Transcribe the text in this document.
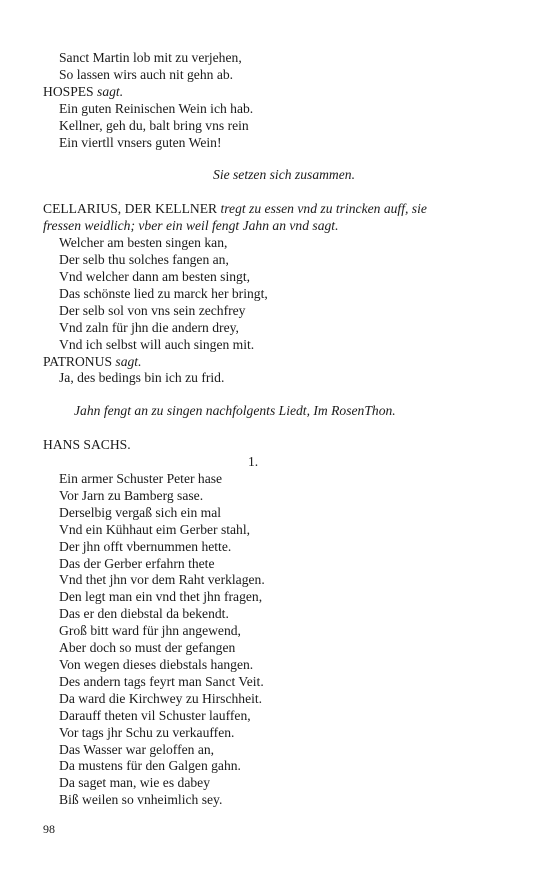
Sanct Martin lob mit zu verjehen,
So lassen wirs auch nit gehn ab.
HOSPES sagt.
Ein guten Reinischen Wein ich hab.
Kellner, geh du, balt bring vns rein
Ein viertll vnsers guten Wein!
Sie setzen sich zusammen.
CELLARIUS, DER KELLNER tregt zu essen vnd zu trincken auff, sie
fressen weidlich; vber ein weil fengt Jahn an vnd sagt.
Welcher am besten singen kan,
Der selb thu solches fangen an,
Vnd welcher dann am besten singt,
Das schönste lied zu marck her bringt,
Der selb sol von vns sein zechfrey
Vnd zaln für jhn die andern drey,
Vnd ich selbst will auch singen mit.
PATRONUS sagt.
Ja, des bedings bin ich zu frid.
Jahn fengt an zu singen nachfolgents Liedt, Im RosenThon.
HANS SACHS.
1.
Ein armer Schuster Peter hase
Vor Jarn zu Bamberg sase.
Derselbig vergaß sich ein mal
Vnd ein Kühhaut eim Gerber stahl,
Der jhn offt vbernummen hette.
Das der Gerber erfahrn thete
Vnd thet jhn vor dem Raht verklagen.
Den legt man ein vnd thet jhn fragen,
Das er den diebstal da bekendt.
Groß bitt ward für jhn angewend,
Aber doch so must der gefangen
Von wegen dieses diebstals hangen.
Des andern tags feyrt man Sanct Veit.
Da ward die Kirchwey zu Hirschheit.
Darauff theten vil Schuster lauffen,
Vor tags jhr Schu zu verkauffen.
Das Wasser war geloffen an,
Da mustens für den Galgen gahn.
Da saget man, wie es dabey
Biß weilen so vnheimlich sey.
98
